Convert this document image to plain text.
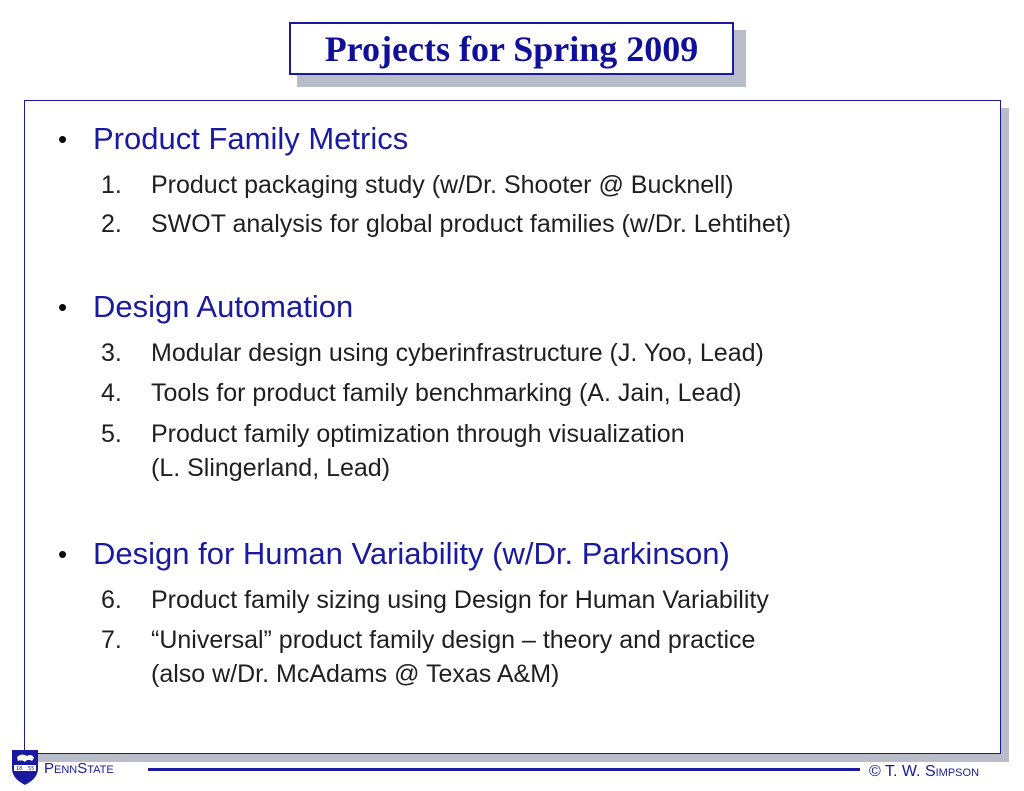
Projects for Spring 2009
• Product Family Metrics
1. Product packaging study (w/Dr. Shooter @ Bucknell)
2. SWOT analysis for global product families (w/Dr. Lehtihet)
• Design Automation
3. Modular design using cyberinfrastructure (J. Yoo, Lead)
4. Tools for product family benchmarking (A. Jain, Lead)
5. Product family optimization through visualization
(L. Slingerland, Lead)
• Design for Human Variability (w/Dr. Parkinson)
6. Product family sizing using Design for Human Variability
7. “Universal” product family design – theory and practice
(also w/Dr. McAdams @ Texas A&M)
18 55 PennState	© T. W. Simpson
